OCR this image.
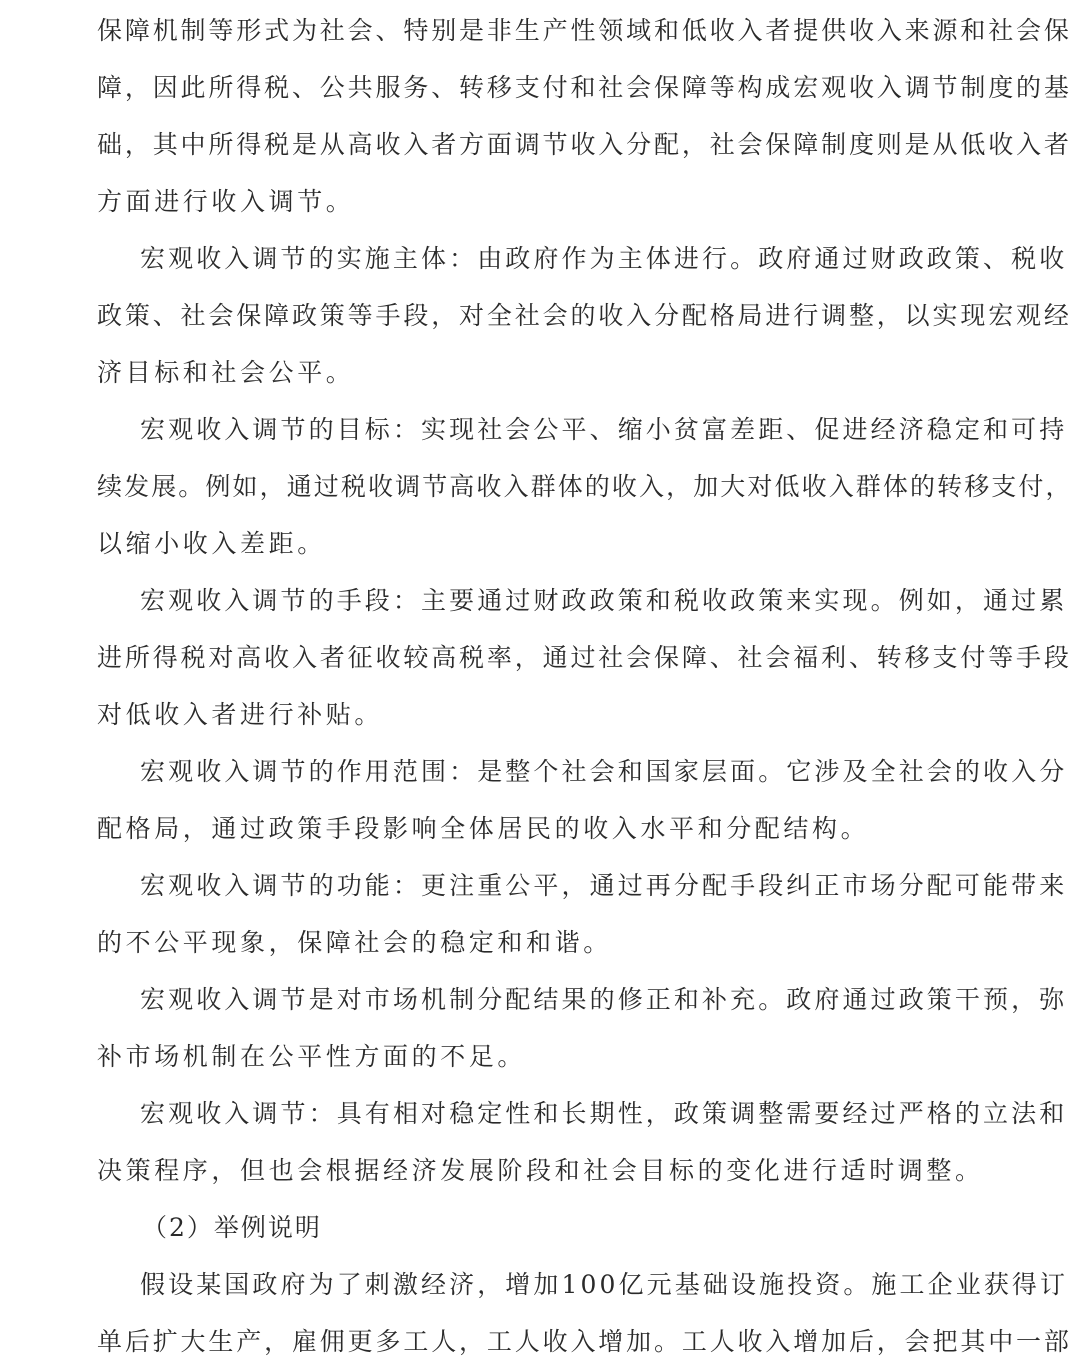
保障机制等形式为社会、特别是非生产性领域和低收入者提供收入来源和社会保
障，因此所得税、公共服务、转移支付和社会保障等构成宏观收入调节制度的基
础，其中所得税是从高收入者方面调节收入分配，社会保障制度则是从低收入者
方面进行收入调节。
宏观收入调节的实施主体：由政府作为主体进行。政府通过财政政策、税收
政策、社会保障政策等手段，对全社会的收入分配格局进行调整，以实现宏观经
济目标和社会公平。
宏观收入调节的目标：实现社会公平、缩小贫富差距、促进经济稳定和可持
续发展。例如，通过税收调节高收入群体的收入，加大对低收入群体的转移支付，
以缩小收入差距。
宏观收入调节的手段：主要通过财政政策和税收政策来实现。例如，通过累
进所得税对高收入者征收较高税率，通过社会保障、社会福利、转移支付等手段
对低收入者进行补贴。
宏观收入调节的作用范围：是整个社会和国家层面。它涉及全社会的收入分
配格局，通过政策手段影响全体居民的收入水平和分配结构。
宏观收入调节的功能：更注重公平，通过再分配手段纠正市场分配可能带来
的不公平现象，保障社会的稳定和和谐。
宏观收入调节是对市场机制分配结果的修正和补充。政府通过政策干预，弥
补市场机制在公平性方面的不足。
宏观收入调节：具有相对稳定性和长期性，政策调整需要经过严格的立法和
决策程序，但也会根据经济发展阶段和社会目标的变化进行适时调整。
（2）举例说明
假设某国政府为了刺激经济，增加100亿元基础设施投资。施工企业获得订
单后扩大生产，雇佣更多工人，工人收入增加。工人收入增加后，会把其中一部
